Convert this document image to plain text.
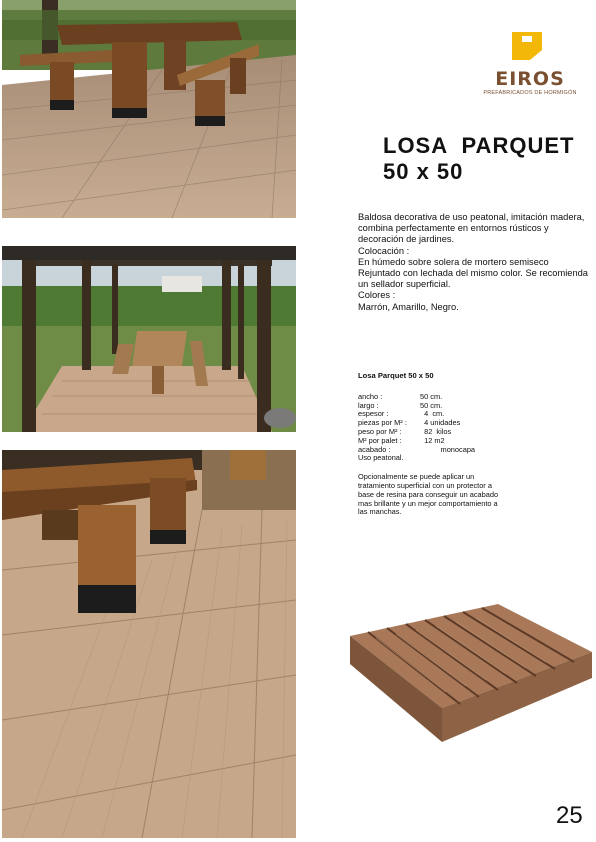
EIROS
PREFABRICADOS DE HORMIGÓN
LOSA  PARQUET
50 x 50

Baldosa decorativa de uso peatonal, imitación madera, combina perfectamente en entornos rústicos y decoración de jardines.

Colocación :

En húmedo sobre solera de mortero semiseco Rejuntado con lechada del mismo color. Se recomienda un sellador superficial.

Colores :

Marrón, Amarillo, Negro.

Losa Parquet 50 x 50
ancho :	50 cm.
largo :	50 cm.
espesor :	4  cm.
piezas por M² :	4 unidades
peso por M² :	82  kilos
M² por palet :	12 m2
acabado :	monocapa
Uso peatonal.
Opcionalmente se puede aplicar un tratamiento superficial con un protector a base de resina para conseguir un acabado mas brillante y un mejor comportamiento a las manchas.
25
